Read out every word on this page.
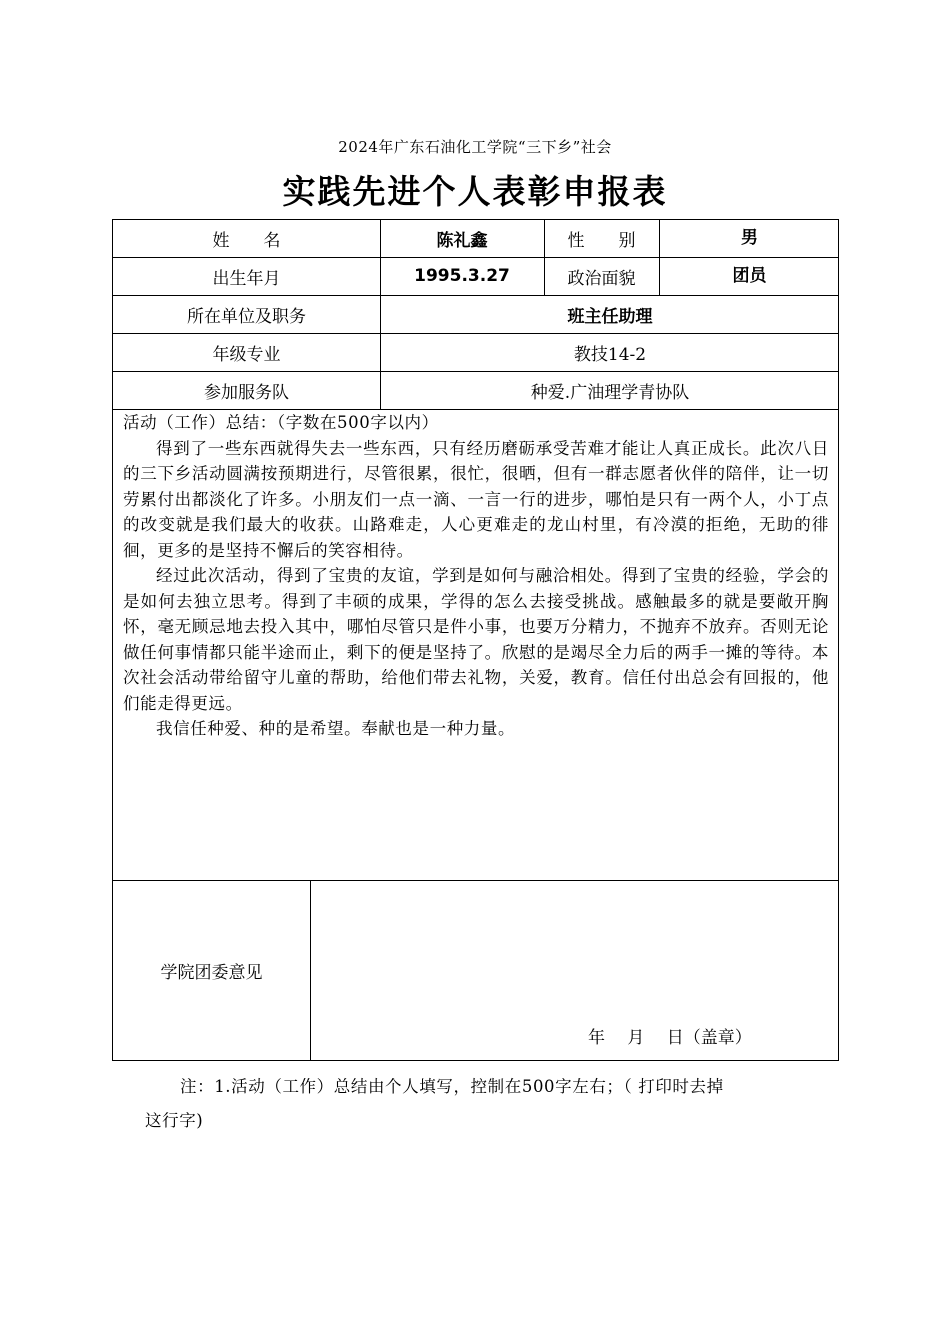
2024年广东石油化工学院“三下乡”社会
实践先进个人表彰申报表
姓　　名	陈礼鑫	性　　别	男
出生年月	1995.3.27	政治面貌	团员
所在单位及职务	班主任助理
年级专业	教技14-2
参加服务队	种爱.广油理学青协队
活动（工作）总结：（字数在500字以内）

得到了一些东西就得失去一些东西，只有经历磨砺承受苦难才能让人真正成长。此次八日的三下乡活动圆满按预期进行，尽管很累，很忙，很晒，但有一群志愿者伙伴的陪伴，让一切劳累付出都淡化了许多。小朋友们一点一滴、一言一行的进步，哪怕是只有一两个人，小丁点的改变就是我们最大的收获。山路难走，人心更难走的龙山村里，有冷漠的拒绝，无助的徘徊，更多的是坚持不懈后的笑容相待。

经过此次活动，得到了宝贵的友谊，学到是如何与融洽相处。得到了宝贵的经验，学会的是如何去独立思考。得到了丰硕的成果，学得的怎么去接受挑战。感触最多的就是要敞开胸怀，毫无顾忌地去投入其中，哪怕尽管只是件小事，也要万分精力，不抛弃不放弃。否则无论做任何事情都只能半途而止，剩下的便是坚持了。欣慰的是竭尽全力后的两手一摊的等待。本次社会活动带给留守儿童的帮助，给他们带去礼物，关爱，教育。信任付出总会有回报的，他们能走得更远。

我信任种爱、种的是希望。奉献也是一种力量。

学院团委意见
年　 月　 日（盖章）
注：1.活动（工作）总结由个人填写，控制在500字左右；（ 打印时去掉
这行字)
